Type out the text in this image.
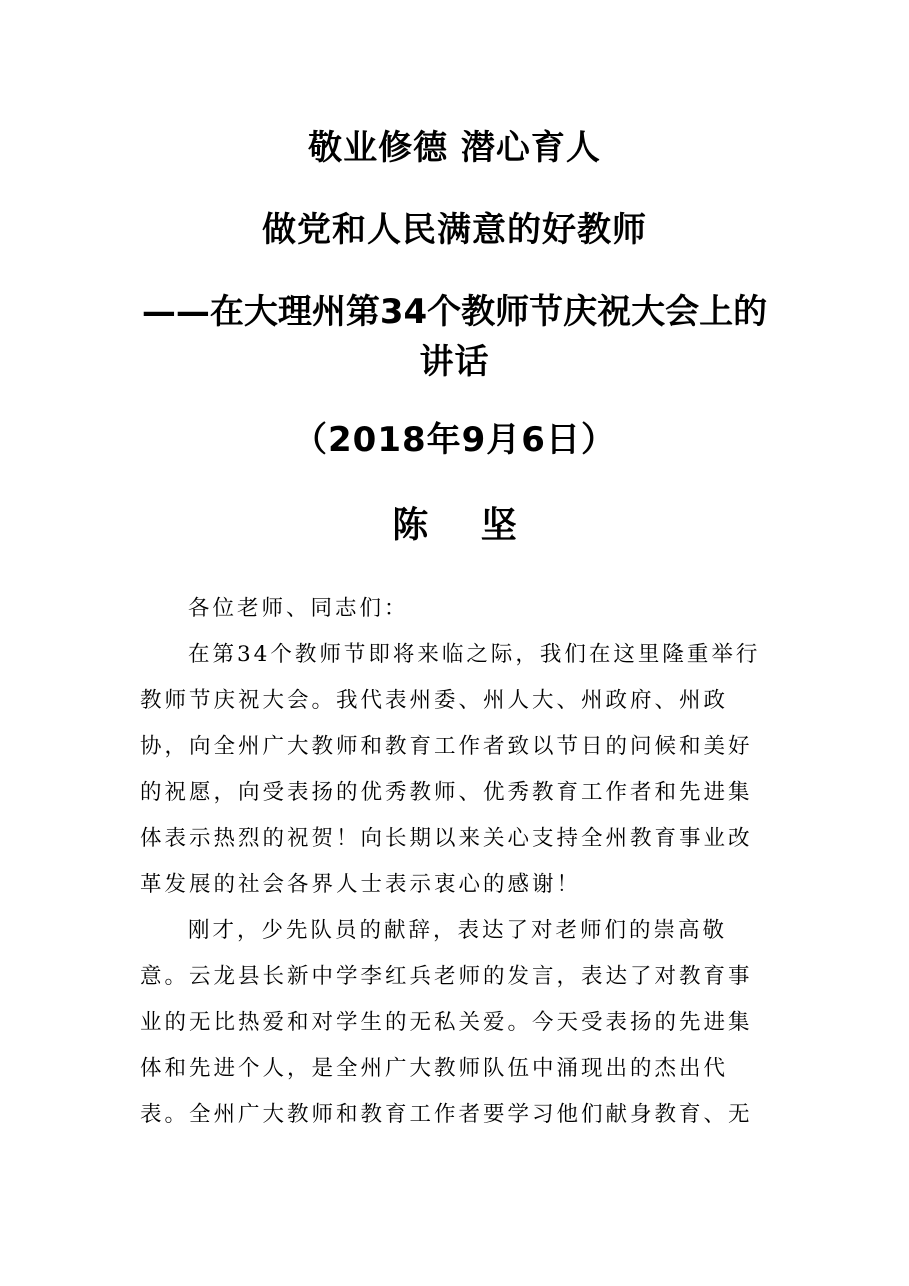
敬业修德 潜心育人
做党和人民满意的好教师
——在大理州第34个教师节庆祝大会上的
讲话
（2018年9月6日）
陈 坚
各位老师、同志们：
在第34个教师节即将来临之际，我们在这里隆重举行
教师节庆祝大会。我代表州委、州人大、州政府、州政
协，向全州广大教师和教育工作者致以节日的问候和美好
的祝愿，向受表扬的优秀教师、优秀教育工作者和先进集
体表示热烈的祝贺！向长期以来关心支持全州教育事业改
革发展的社会各界人士表示衷心的感谢！
刚才，少先队员的献辞，表达了对老师们的崇高敬
意。云龙县长新中学李红兵老师的发言，表达了对教育事
业的无比热爱和对学生的无私关爱。今天受表扬的先进集
体和先进个人，是全州广大教师队伍中涌现出的杰出代
表。全州广大教师和教育工作者要学习他们献身教育、无
